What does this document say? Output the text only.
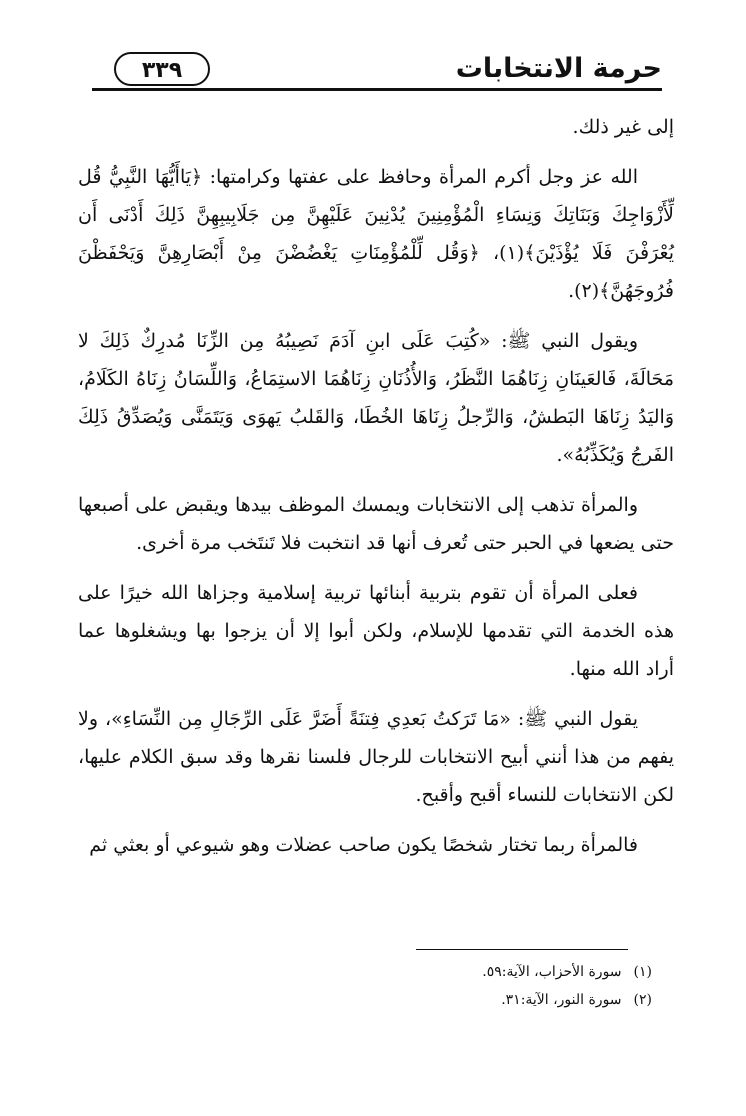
حرمة الانتخابات
٣٣٩

إلى غير ذلك.

الله عز وجل أكرم المرأة وحافظ على عفتها وكرامتها: ﴿يَاأَيُّهَا النَّبِيُّ قُل لِّأَزْوَاجِكَ وَبَنَاتِكَ وَنِسَاءِ الْمُؤْمِنِينَ يُدْنِينَ عَلَيْهِنَّ مِن جَلَابِيبِهِنَّ ذَلِكَ أَدْنَى أَن يُعْرَفْنَ فَلَا يُؤْذَيْنَ﴾(١)، ﴿وَقُل لِّلْمُؤْمِنَاتِ يَغْضُضْنَ مِنْ أَبْصَارِهِنَّ وَيَحْفَظْنَ فُرُوجَهُنَّ﴾(٢).

ويقول النبي ﷺ: «كُتِبَ عَلَى ابنِ آدَمَ نَصِيبُهُ مِن الزِّنَا مُدرِكٌ ذَلِكَ لا مَحَالَةَ، فَالعَينَانِ زِنَاهُمَا النَّظَرُ، وَالأُذُنَانِ زِنَاهُمَا الاستِمَاعُ، وَاللِّسَانُ زِنَاهُ الكَلَامُ، وَاليَدُ زِنَاهَا البَطشُ، وَالرِّجلُ زِنَاهَا الخُطَا، وَالقَلبُ يَهوَى وَيَتَمَنَّى وَيُصَدِّقُ ذَلِكَ الفَرجُ وَيُكَذِّبُهُ».

والمرأة تذهب إلى الانتخابات ويمسك الموظف بيدها ويقبض على أصبعها حتى يضعها في الحبر حتى تُعرف أنها قد انتخبت فلا تَنتَخب مرة أخرى.

فعلى المرأة أن تقوم بتربية أبنائها تربية إسلامية وجزاها الله خيرًا على هذه الخدمة التي تقدمها للإسلام، ولكن أبوا إلا أن يزجوا بها ويشغلوها عما أراد الله منها.

يقول النبي ﷺ: «مَا تَرَكتُ بَعدِي فِتنَةً أَضَرَّ عَلَى الرِّجَالِ مِن النِّسَاءِ»، ولا يفهم من هذا أنني أبيح الانتخابات للرجال فلسنا نقرها وقد سبق الكلام عليها، لكن الانتخابات للنساء أقبح وأقبح.

فالمرأة ربما تختار شخصًا يكون صاحب عضلات وهو شيوعي أو بعثي ثم

(١)سورة الأحزاب، الآية:٥٩.
(٢)سورة النور، الآية:٣١.
